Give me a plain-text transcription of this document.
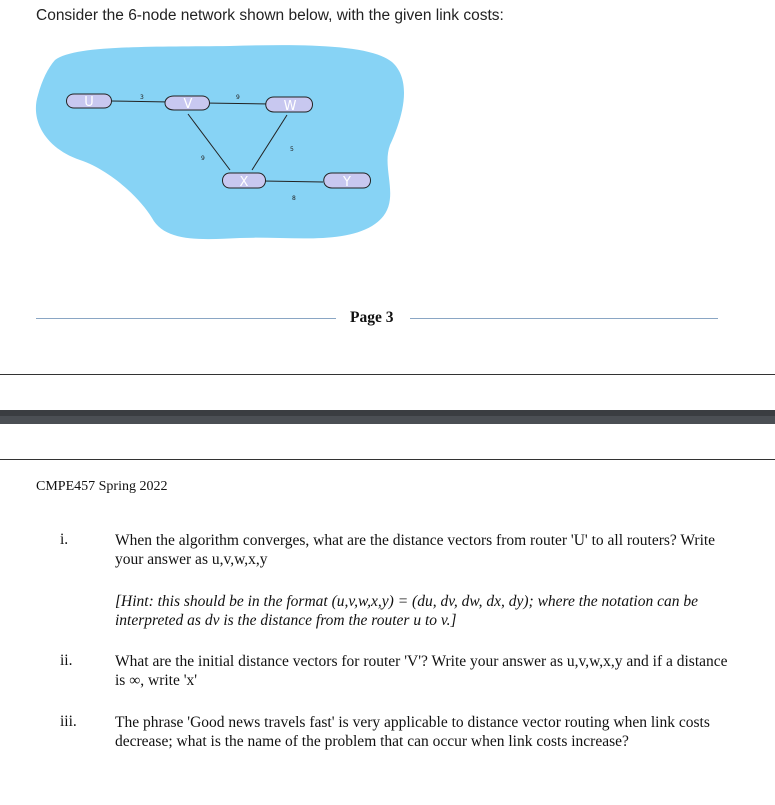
Consider the 6-node network shown below, with the given link costs:
3	9
9
5
8
U	V	W
X	Y
Page 3
CMPE457 Spring 2022
i.	When the algorithm converges, what are the distance vectors from router 'U' to all routers? Write your answer as u,v,w,x,y
[Hint: this should be in the format (u,v,w,x,y) = (du, dv, dw, dx, dy); where the notation can be interpreted as dv is the distance from the router u to v.]
ii.	What are the initial distance vectors for router 'V'? Write your answer as u,v,w,x,y and if a distance is ∞, write 'x'
iii. The phrase 'Good news travels fast' is very applicable to distance vector routing when link costs decrease; what is the name of the problem that can occur when link costs increase?
